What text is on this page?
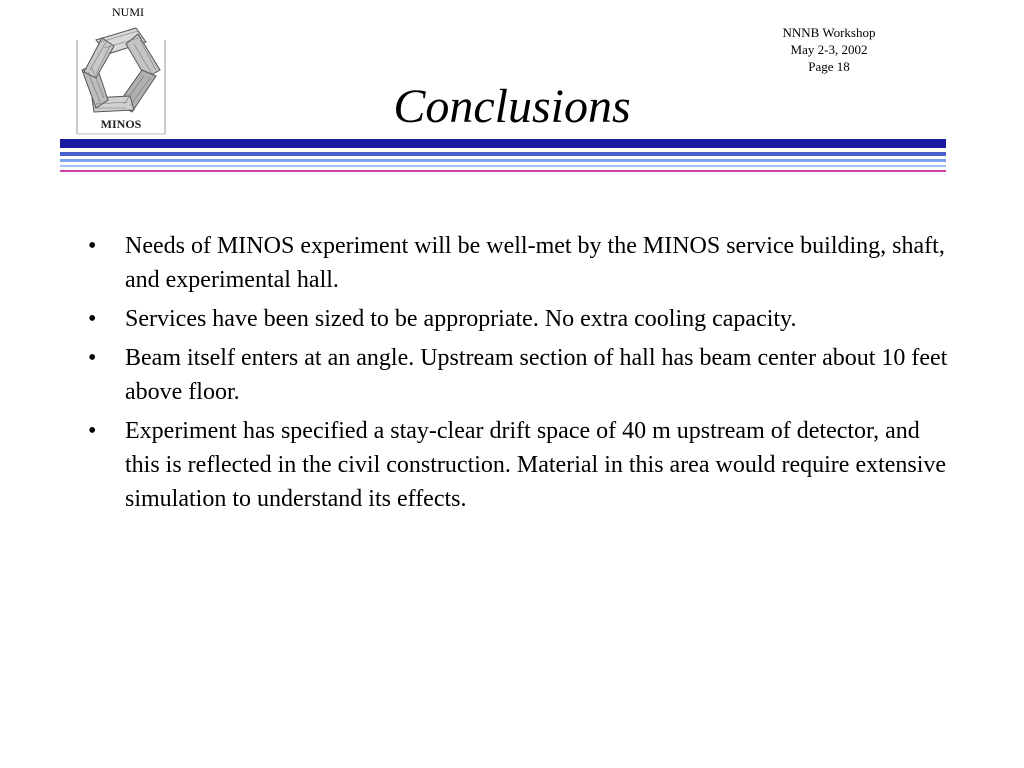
NUMI
MINOS
NNNB Workshop
May 2-3, 2002
Page 18
Conclusions
• Needs of MINOS experiment will be well-met by the MINOS service building, shaft, and experimental hall.
• Services have been sized to be appropriate. No extra cooling capacity.
• Beam itself enters at an angle. Upstream section of hall has beam center about 10 feet above floor.
• Experiment has specified a stay-clear drift space of 40 m upstream of detector, and this is reflected in the civil construction. Material in this area would require extensive simulation to understand its effects.
